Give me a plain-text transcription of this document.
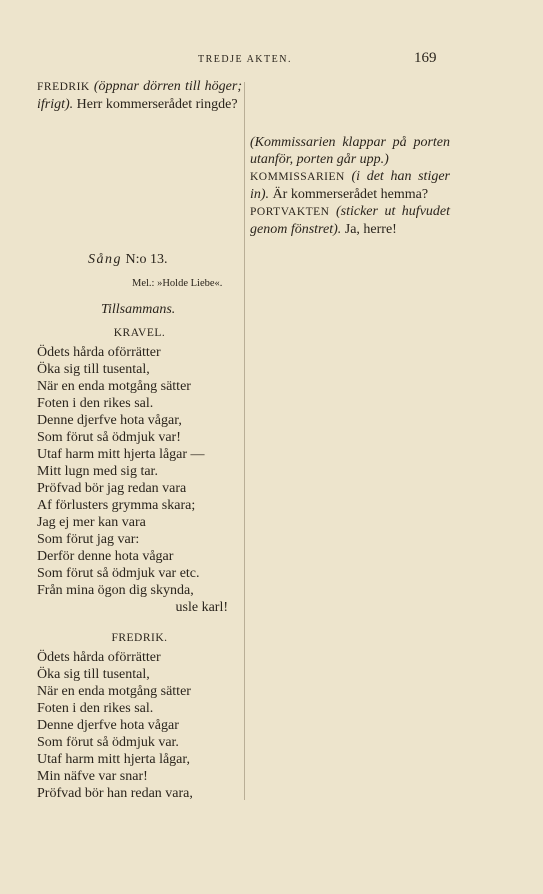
TREDJE AKTEN.	169
FREDRIK (öppnar dörren till höger; ifrigt). Herr kommerserådet ringde?
Sång N:o 13.
Mel.: »Holde Liebe«.
Tillsammans.
KRAVEL.
Ödets hårda oförrätter
Öka sig till tusental,
När en enda motgång sätter
Foten i den rikes sal.
Denne djerfve hota vågar,
Som förut så ödmjuk var!
Utaf harm mitt hjerta lågar —
Mitt lugn med sig tar.
Pröfvad bör jag redan vara
Af förlusters grymma skara;
Jag ej mer kan vara
Som förut jag var:
Derför denne hota vågar
Som förut så ödmjuk var etc.
Från mina ögon dig skynda,
usle karl!
FREDRIK.
Ödets hårda oförrätter
Öka sig till tusental,
När en enda motgång sätter
Foten i den rikes sal.
Denne djerfve hota vågar
Som förut så ödmjuk var.
Utaf harm mitt hjerta lågar,
Min näfve var snar!
Pröfvad bör han redan vara,
(Kommissarien klappar på porten utanför, porten går upp.)
KOMMISSARIEN (i det han stiger in). Är kommerserådet hemma?
PORTVAKTEN (sticker ut hufvudet genom fönstret). Ja, herre!
